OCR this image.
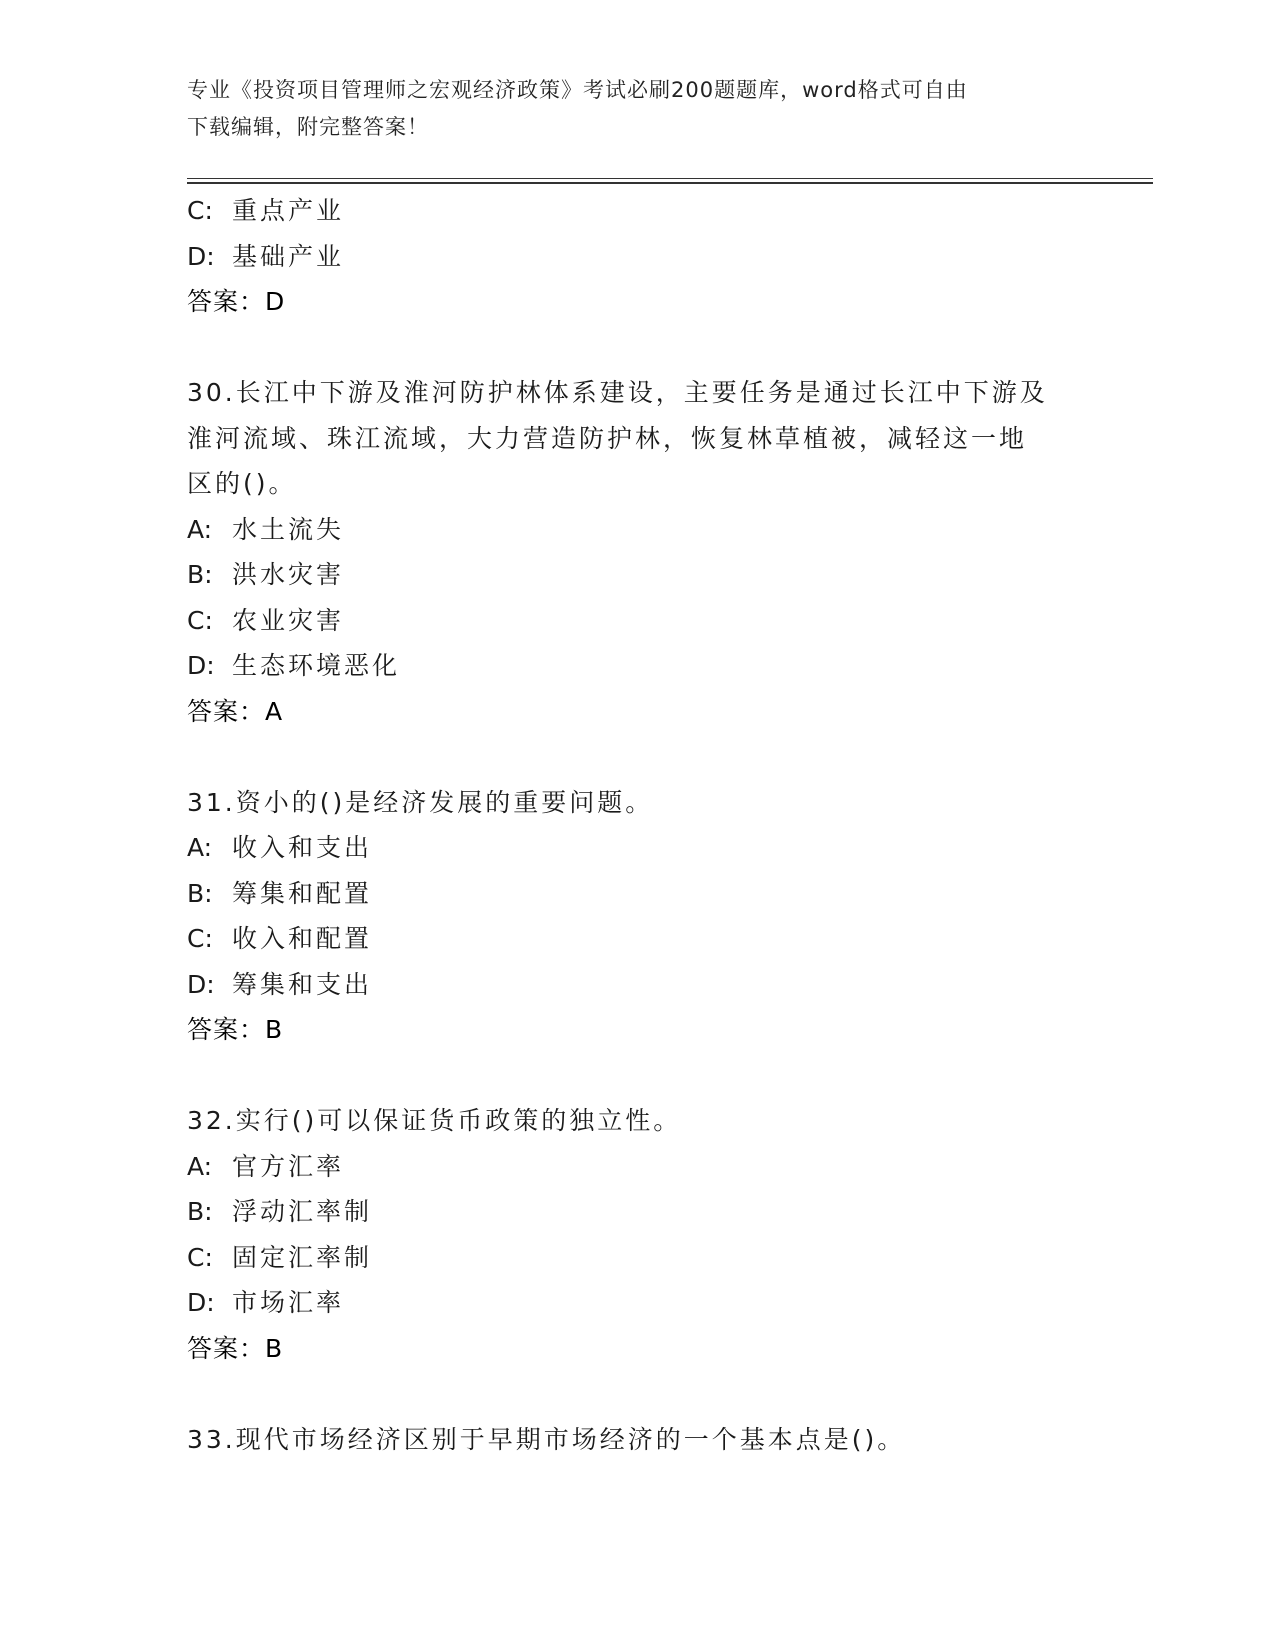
专业《投资项目管理师之宏观经济政策》考试必刷200题题库，word格式可自由
下载编辑，附完整答案！
C: 重点产业
D: 基础产业
答案：D
30.长江中下游及淮河防护林体系建设，主要任务是通过长江中下游及
淮河流域、珠江流域，大力营造防护林，恢复林草植被，减轻这一地
区的()。
A: 水土流失
B: 洪水灾害
C: 农业灾害
D: 生态环境恶化
答案：A
31.资小的()是经济发展的重要问题。
A: 收入和支出
B: 筹集和配置
C: 收入和配置
D: 筹集和支出
答案：B
32.实行()可以保证货币政策的独立性。
A: 官方汇率
B: 浮动汇率制
C: 固定汇率制
D: 市场汇率
答案：B
33.现代市场经济区别于早期市场经济的一个基本点是()。
